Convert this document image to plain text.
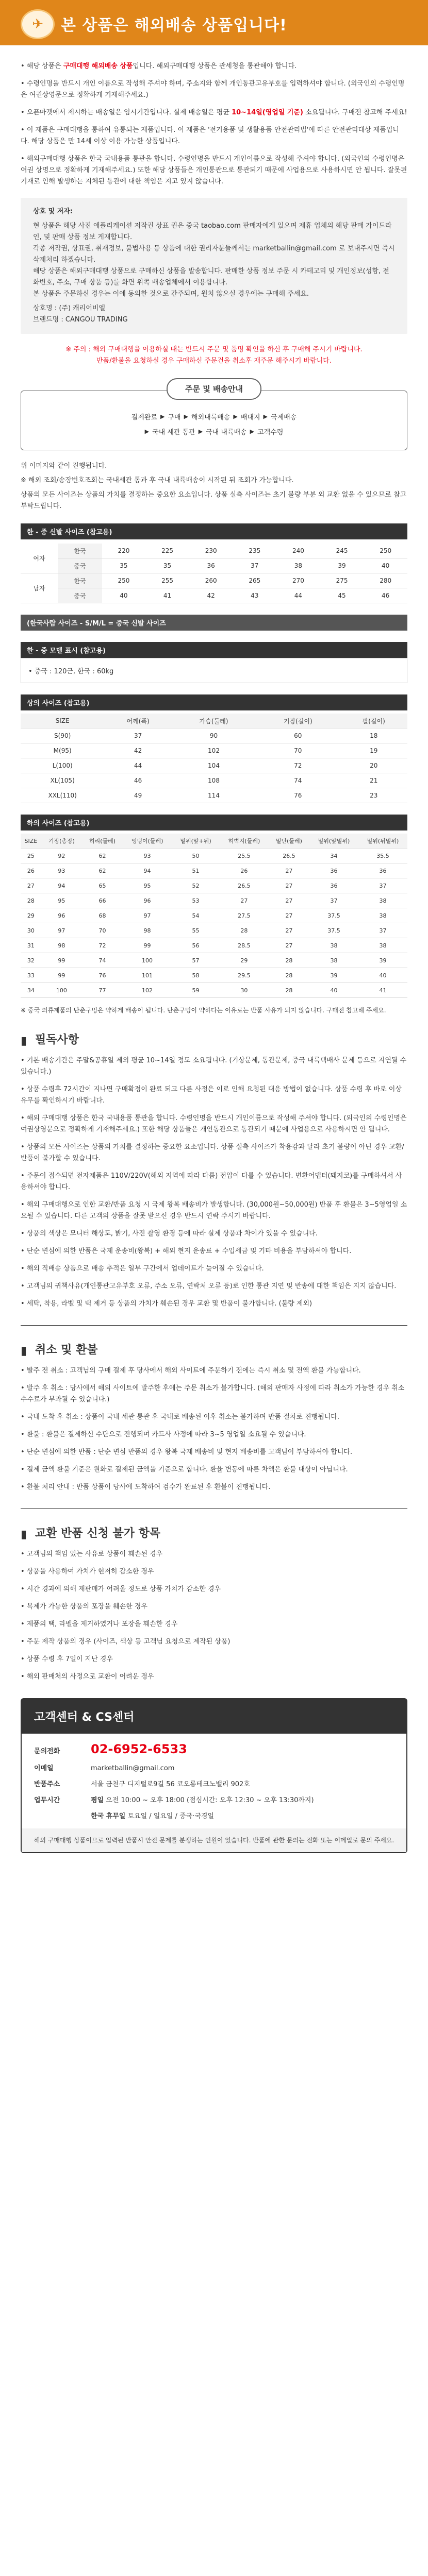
✈	본 상품은 해외배송 상품입니다!

• 해당 상품은 구매대행 해외배송 상품입니다. 해외구매대행 상품은 관세청을 통관해야 합니다.

• 수령인명을 반드시 개인 이름으로 작성해 주셔야 하며, 주소지와 함께 개인통관고유부호를 입력하셔야 합니다. (외국인의 수령인명은 여권상영문으로 정확하게 기재해주세요.)

• 오픈마켓에서 제시하는 배송일은 임시기간입니다. 실제 배송일은 평균 10~14일(영업일 기준) 소요됩니다. 구매전 참고해 주세요!

• 이 제품은 구매대행을 통하여 유통되는 제품입니다. 이 제품은 '전기용품 및 생활용품 안전관리법'에 따른 안전관리대상 제품입니다. 해당 상품은 만 14세 이상 이용 가능한 상품입니다.

• 해외구매대행 상품은 한국 국내용품 통관을 합니다. 수령인명을 반드시 개인이름으로 작성해 주셔야 합니다. (외국인의 수령인명은 여권 상명으로 정확하게 기재해주세요.) 또한 해당 상품들은 개인통관으로 통관되기 때문에 사업용으로 사용하시면 안 됩니다. 잘못된 기재로 인해 발생하는 지체된 통관에 대한 책임은 지고 있지 않습니다.

상호 및 저자:
현 상품은 해당 사진 애플리케이션 저작권 상표 권은 중국 taobao.com 판매자에게 있으며 제휴 업체의 해당 판매 가이드라인, 및 판매 상품 정보 게재합니다.
각종 저작권, 상표권, 취재정보, 불법사용 등 상품에 대한 권리자분들께서는 marketballin@gmail.com 로 보내주시면 즉시 삭제처리 하겠습니다.
해당 상품은 해외구매대행 상품으로 구매하신 상품을 발송합니다. 판매한 상품 정보 주문 시 카테고리 및 개인정보(성함, 전화번호, 주소, 구매 상품 등)를 화면 위쪽 배송업체에서 이용합니다.
본 상품은 주문하신 경우는 이에 동의한 것으로 간주되며, 원치 않으실 경우에는 구매해 주세요.
상호명 : (주) 캐리어비엘
브랜드명 : CANGOU TRADING
※ 주의 : 해외 구매대행을 이용하실 때는 반드시 주문 및 품명 확인을 하신 후 구매해 주시기 바랍니다.
반품/환불을 요청하실 경우 구매하신 주문건을 취소후 재주문 해주시기 바랍니다.
주문 및 배송안내
결제완료 ▶ 구매 ▶ 해외내륙배송 ▶ 배대지 ▶ 국제배송
▶ 국내 세관 통관 ▶ 국내 내륙배송 ▶ 고객수령

위 이미지와 같이 진행됩니다.

※ 해외 조회/송장번호조회는 국내세관 통과 후 국내 내륙배송이 시작된 뒤 조회가 가능합니다.

상품의 모든 사이즈는 상품의 가치를 결정하는 중요한 요소입니다. 상품 실측 사이즈는 초기 불량 부분 외 교환 없을 수 있으므로 참고 부탁드립니다.

한 - 중 신발 사이즈 (참고용)
여자	한국	220	225	230	235	240	245	250
	중국	35	35	36	37	38	39	40
남자	한국	250	255	260	265	270	275	280
	중국	40	41	42	43	44	45	46
(한국사람 사이즈 - S/M/L = 중국 신발 사이즈
한 - 중 모델 표시 (참고용)
• 중국 : 120근, 한국 : 60kg
상의 사이즈 (참고용)
SIZE	어깨(폭)	가슴(둘레)	기장(길이)	팔(길이)
S(90)	37	90	60	18
M(95)	42	102	70	19
L(100)	44	104	72	20
XL(105)	46	108	74	21
XXL(110)	49	114	76	23
하의 사이즈 (참고용)
SIZE	기장(총장)	허리(둘레)	엉덩이(둘레)	밑위(앞+뒤)	허벅지(둘레)	밑단(둘레)	밑위(앞밑위)	밑위(뒤밑위)
25	92	62	93	50	25.5	26.5	34	35.5
26	93	62	94	51	26	27	36	36
27	94	65	95	52	26.5	27	36	37
28	95	66	96	53	27	27	37	38
29	96	68	97	54	27.5	27	37.5	38
30	97	70	98	55	28	27	37.5	37
31	98	72	99	56	28.5	27	38	38
32	99	74	100	57	29	28	38	39
33	99	76	101	58	29.5	28	39	40
34	100	77	102	59	30	28	40	41
※ 중국 의류제품의 단춘구멍은 약하게 배송이 됩니다. 단춘구멍이 약하다는 이유로는 반품 사유가 되지 않습니다. 구매전 참고해 주세요.
▮ 필독사항

• 기본 배송기간은 주말&공휴일 제외 평균 10~14일 정도 소요됩니다. (기상문제, 통관문제, 중국 내륙택배사 문제 등으로 지연될 수 있습니다.)

• 상품 수령후 72시간이 지나면 구매확정이 완료 되고 다른 사정은 이로 인해 요청된 대응 방법이 없습니다. 상품 수령 후 바로 이상 유무를 확인하시기 바랍니다.

• 해외 구매대행 상품은 한국 국내용품 통관을 합니다. 수령인명을 반드시 개인이름으로 작성해 주셔야 합니다. (외국인의 수령인명은 여권상영문으로 정확하게 기재해주세요.) 또한 해당 상품들은 개인통관으로 통관되기 때문에 사업용으로 사용하시면 안 됩니다.

• 상품의 모든 사이즈는 상품의 가치를 결정하는 중요한 요소입니다. 상품 실측 사이즈가 착용감과 달라 초기 불량이 아닌 경우 교환/반품이 불가할 수 있습니다.

• 주문이 접수되면 전자제품은 110V/220V(해외 지역에 따라 다름) 전압이 다를 수 있습니다. 변환어댑터(돼지코)를 구매하셔서 사용하셔야 합니다.

• 해외 구매대행으로 인한 교환/반품 요청 시 국제 왕복 배송비가 발생합니다. (30,000원~50,000원) 반품 후 환불은 3~5영업일 소요될 수 있습니다. 다른 고객의 상품을 잘못 받으신 경우 반드시 연락 주시기 바랍니다.

• 상품의 색상은 모니터 해상도, 밝기, 사진 촬영 환경 등에 따라 실제 상품과 차이가 있을 수 있습니다.

• 단순 변심에 의한 반품은 국제 운송비(왕복) + 해외 현지 운송료 + 수입세금 및 기타 비용을 부담하셔야 합니다.

• 해외 직배송 상품으로 배송 추적은 일부 구간에서 업데이트가 늦어질 수 있습니다.

• 고객님의 귀책사유(개인통관고유부호 오류, 주소 오류, 연락처 오류 등)로 인한 통관 지연 및 반송에 대한 책임은 지지 않습니다.

• 세탁, 착용, 라벨 및 택 제거 등 상품의 가치가 훼손된 경우 교환 및 반품이 불가합니다. (불량 제외)

▮ 취소 및 환불

• 발주 전 취소 : 고객님의 구매 결제 후 당사에서 해외 사이트에 주문하기 전에는 즉시 취소 및 전액 환불 가능합니다.

• 발주 후 취소 : 당사에서 해외 사이트에 발주한 후에는 주문 취소가 불가합니다. (해외 판매자 사정에 따라 취소가 가능한 경우 취소 수수료가 부과될 수 있습니다.)

• 국내 도착 후 취소 : 상품이 국내 세관 통관 후 국내로 배송된 이후 취소는 불가하며 반품 절차로 진행됩니다.

• 환불 : 환불은 결제하신 수단으로 진행되며 카드사 사정에 따라 3~5 영업일 소요될 수 있습니다.

• 단순 변심에 의한 반품 : 단순 변심 반품의 경우 왕복 국제 배송비 및 현지 배송비를 고객님이 부담하셔야 합니다.

• 결제 금액 환불 기준은 원화로 결제된 금액을 기준으로 합니다. 환율 변동에 따른 차액은 환불 대상이 아닙니다.

• 환불 처리 안내 : 반품 상품이 당사에 도착하여 검수가 완료된 후 환불이 진행됩니다.

▮ 교환 반품 신청 불가 항목

• 고객님의 책임 있는 사유로 상품이 훼손된 경우

• 상품을 사용하여 가치가 현저히 감소한 경우

• 시간 경과에 의해 재판매가 어려울 정도로 상품 가치가 감소한 경우

• 복제가 가능한 상품의 포장을 훼손한 경우

• 제품의 택, 라벨을 제거하였거나 포장을 훼손한 경우

• 주문 제작 상품의 경우 (사이즈, 색상 등 고객님 요청으로 제작된 상품)

• 상품 수령 후 7일이 지난 경우

• 해외 판매처의 사정으로 교환이 어려운 경우

고객센터 & CS센터
문의전화	02-6952-6533
이메일	marketballin@gmail.com
반품주소	서울 금천구 디지털로9길 56 코오롱테크노밸리 902호
업무시간	평일 오전 10:00 ~ 오후 18:00 (점심시간: 오후 12:30 ~ 오후 13:30까지)
한국 휴무일 토요일 / 일요일 / 중국·국경일
해외 구매대행 상품이므로 입력된 반품시 안전 문제를 분쟁하는 인원이 있습니다. 반품에 관한 문의는 전화 또는 이메일로 문의 주세요.
